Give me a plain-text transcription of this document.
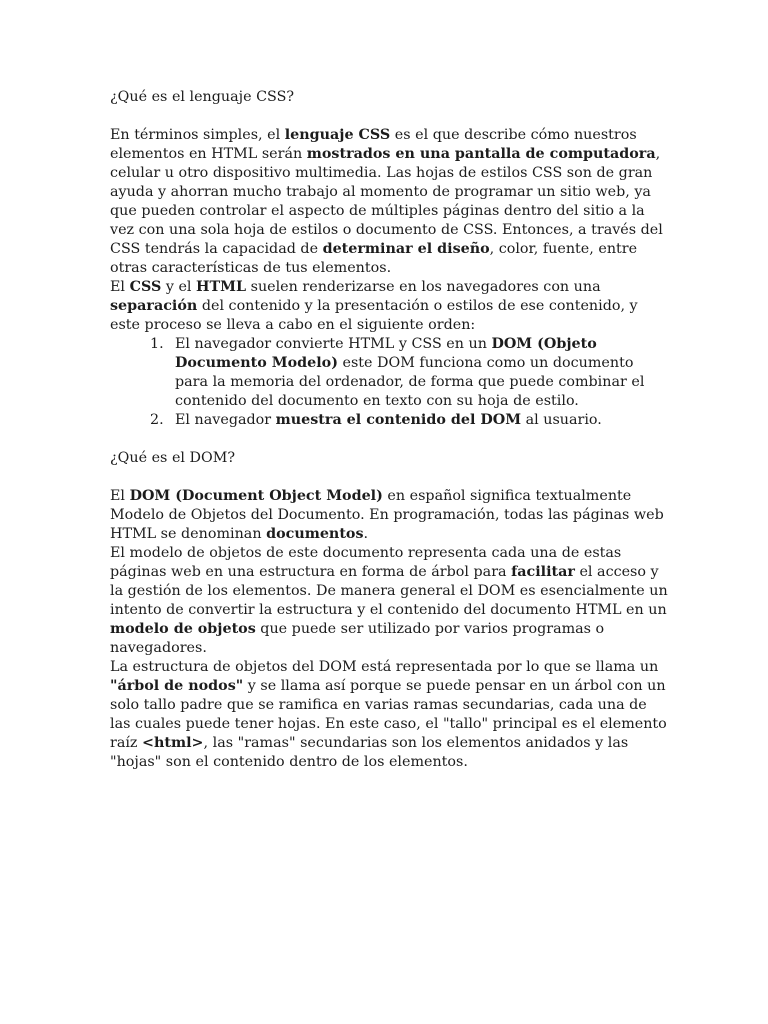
¿Qué es el lenguaje CSS?

En términos simples, el lenguaje CSS es el que describe cómo nuestros elementos en HTML serán mostrados en una pantalla de computadora, celular u otro dispositivo multimedia. Las hojas de estilos CSS son de gran ayuda y ahorran mucho trabajo al momento de programar un sitio web, ya que pueden controlar el aspecto de múltiples páginas dentro del sitio a la vez con una sola hoja de estilos o documento de CSS. Entonces, a través del CSS tendrás la capacidad de determinar el diseño, color, fuente, entre otras características de tus elementos.

El CSS y el HTML suelen renderizarse en los navegadores con una separación del contenido y la presentación o estilos de ese contenido, y este proceso se lleva a cabo en el siguiente orden:

1. El navegador convierte HTML y CSS en un DOM (Objeto Documento Modelo) este DOM funciona como un documento para la memoria del ordenador, de forma que puede combinar el contenido del documento en texto con su hoja de estilo.
2. El navegador muestra el contenido del DOM al usuario.

¿Qué es el DOM?

El DOM (Document Object Model) en español significa textualmente Modelo de Objetos del Documento. En programación, todas las páginas web HTML se denominan documentos.

El modelo de objetos de este documento representa cada una de estas páginas web en una estructura en forma de árbol para facilitar el acceso y la gestión de los elementos. De manera general el DOM es esencialmente un intento de convertir la estructura y el contenido del documento HTML en un modelo de objetos que puede ser utilizado por varios programas o navegadores.

La estructura de objetos del DOM está representada por lo que se llama un "árbol de nodos" y se llama así porque se puede pensar en un árbol con un solo tallo padre que se ramifica en varias ramas secundarias, cada una de las cuales puede tener hojas. En este caso, el "tallo" principal es el elemento raíz <html>, las "ramas" secundarias son los elementos anidados y las "hojas" son el contenido dentro de los elementos.
